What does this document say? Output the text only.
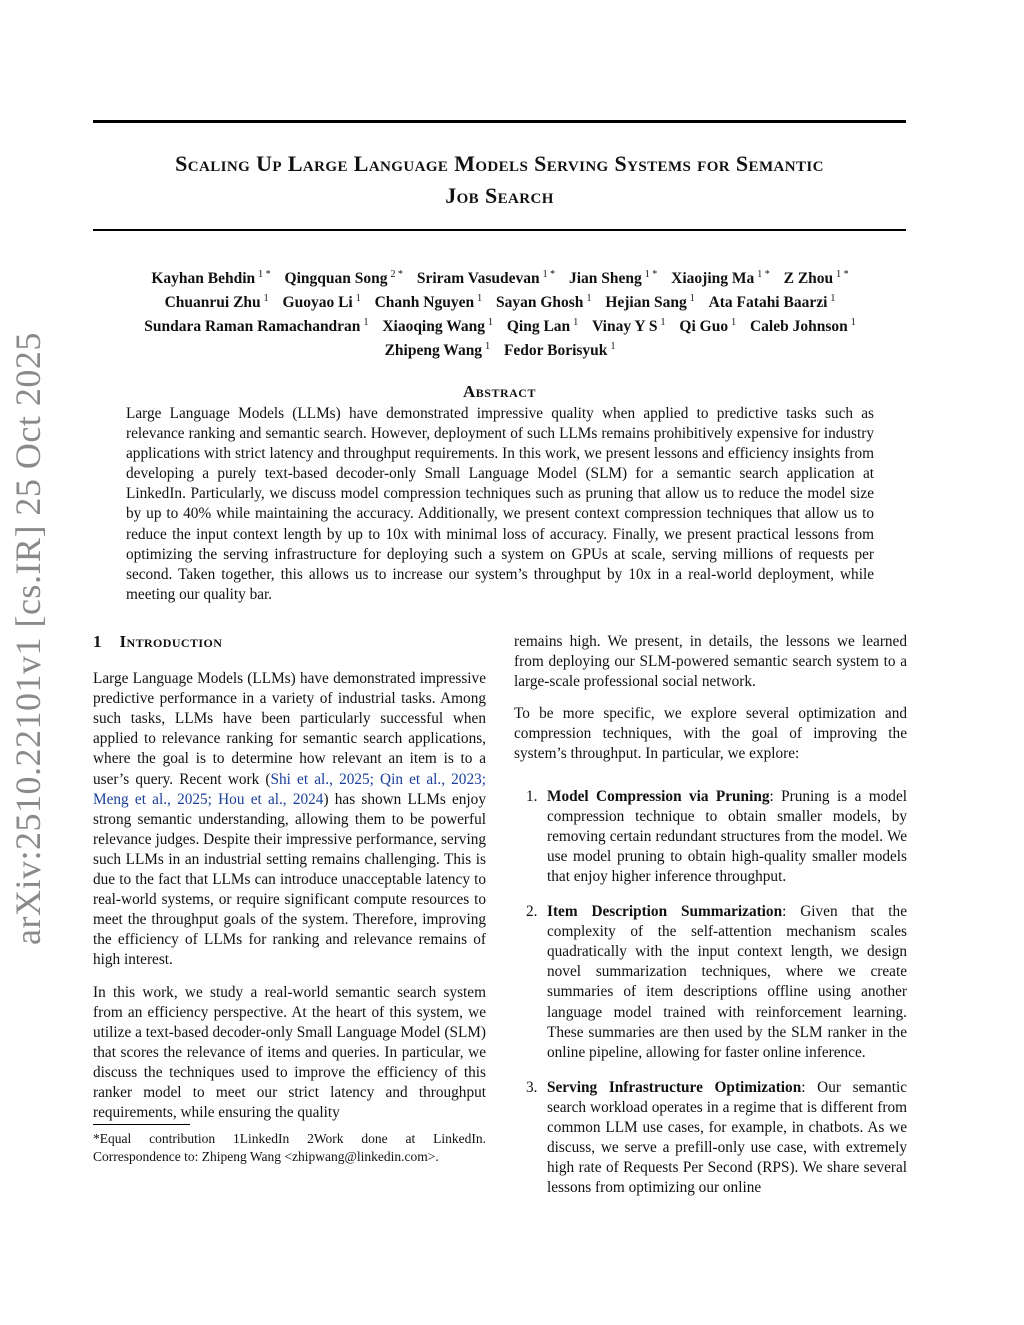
arXiv:2510.22101v1 [cs.IR] 25 Oct 2025
Scaling Up Large Language Models Serving Systems for Semantic
Job Search
Kayhan Behdin $^{1 *}$ Qingquan Song $^{2 *}$ Sriram Vasudevan $^{1 *}$ Jian Sheng $^{1 *}$ Xiaojing Ma $^{1 *}$ Z Zhou $^{1 *}$
Chuanrui Zhu $^1$ Guoyao Li $^1$ Chanh Nguyen $^1$ Sayan Ghosh $^1$ Hejian Sang $^1$ Ata Fatahi Baarzi $^1$
Sundara Raman Ramachandran $^1$ Xiaoqing Wang $^1$ Qing Lan $^1$ Vinay Y S $^1$ Qi Guo $^1$ Caleb Johnson $^1$
Zhipeng Wang $^1$ Fedor Borisyuk $^1$
Abstract
Large Language Models (LLMs) have demonstrated impressive quality when applied to predictive tasks such as relevance ranking and semantic search. However, deployment of such LLMs remains prohibitively expensive for industry applications with strict latency and throughput requirements. In this work, we present lessons and efficiency insights from developing a purely text-based decoder-only Small Language Model (SLM) for a semantic search application at LinkedIn. Particularly, we discuss model compression techniques such as pruning that allow us to reduce the model size by up to 40% while maintaining the accuracy. Additionally, we present context compression techniques that allow us to reduce the input context length by up to 10x with minimal loss of accuracy. Finally, we present practical lessons from optimizing the serving infrastructure for deploying such a system on GPUs at scale, serving millions of requests per second. Taken together, this allows us to increase our system’s throughput by 10x in a real-world deployment, while meeting our quality bar.
1 Introduction

Large Language Models (LLMs) have demonstrated impressive predictive performance in a variety of industrial tasks. Among such tasks, LLMs have been particularly successful when applied to relevance ranking for semantic search applications, where the goal is to determine how relevant an item is to a user’s query. Recent work (Shi et al., 2025; Qin et al., 2023; Meng et al., 2025; Hou et al., 2024) has shown LLMs enjoy strong semantic understanding, allowing them to be powerful relevance judges. Despite their impressive performance, serving such LLMs in an industrial setting remains challenging. This is due to the fact that LLMs can introduce unacceptable latency to real-world systems, or require significant compute resources to meet the throughput goals of the system. Therefore, improving the efficiency of LLMs for ranking and relevance remains of high interest.

In this work, we study a real-world semantic search system from an efficiency perspective. At the heart of this system, we utilize a text-based decoder-only Small Language Model (SLM) that scores the relevance of items and queries. In particular, we discuss the techniques used to improve the efficiency of this ranker model to meet our strict latency and throughput requirements, while ensuring the quality

*Equal contribution 1LinkedIn 2Work done at LinkedIn. Correspondence to: Zhipeng Wang <zhipwang@linkedin.com>.

remains high. We present, in details, the lessons we learned from deploying our SLM-powered semantic search system to a large-scale professional social network.

To be more specific, we explore several optimization and compression techniques, with the goal of improving the system’s throughput. In particular, we explore:

1. Model Compression via Pruning: Pruning is a model compression technique to obtain smaller models, by removing certain redundant structures from the model. We use model pruning to obtain high-quality smaller models that enjoy higher inference throughput.
2. Item Description Summarization: Given that the complexity of the self-attention mechanism scales quadratically with the input context length, we design novel summarization techniques, where we create summaries of item descriptions offline using another language model trained with reinforcement learning. These summaries are then used by the SLM ranker in the online pipeline, allowing for faster online inference.
3. Serving Infrastructure Optimization: Our semantic search workload operates in a regime that is different from common LLM use cases, for example, in chatbots. As we discuss, we serve a prefill-only use case, with extremely high rate of Requests Per Second (RPS). We share several lessons from optimizing our online
